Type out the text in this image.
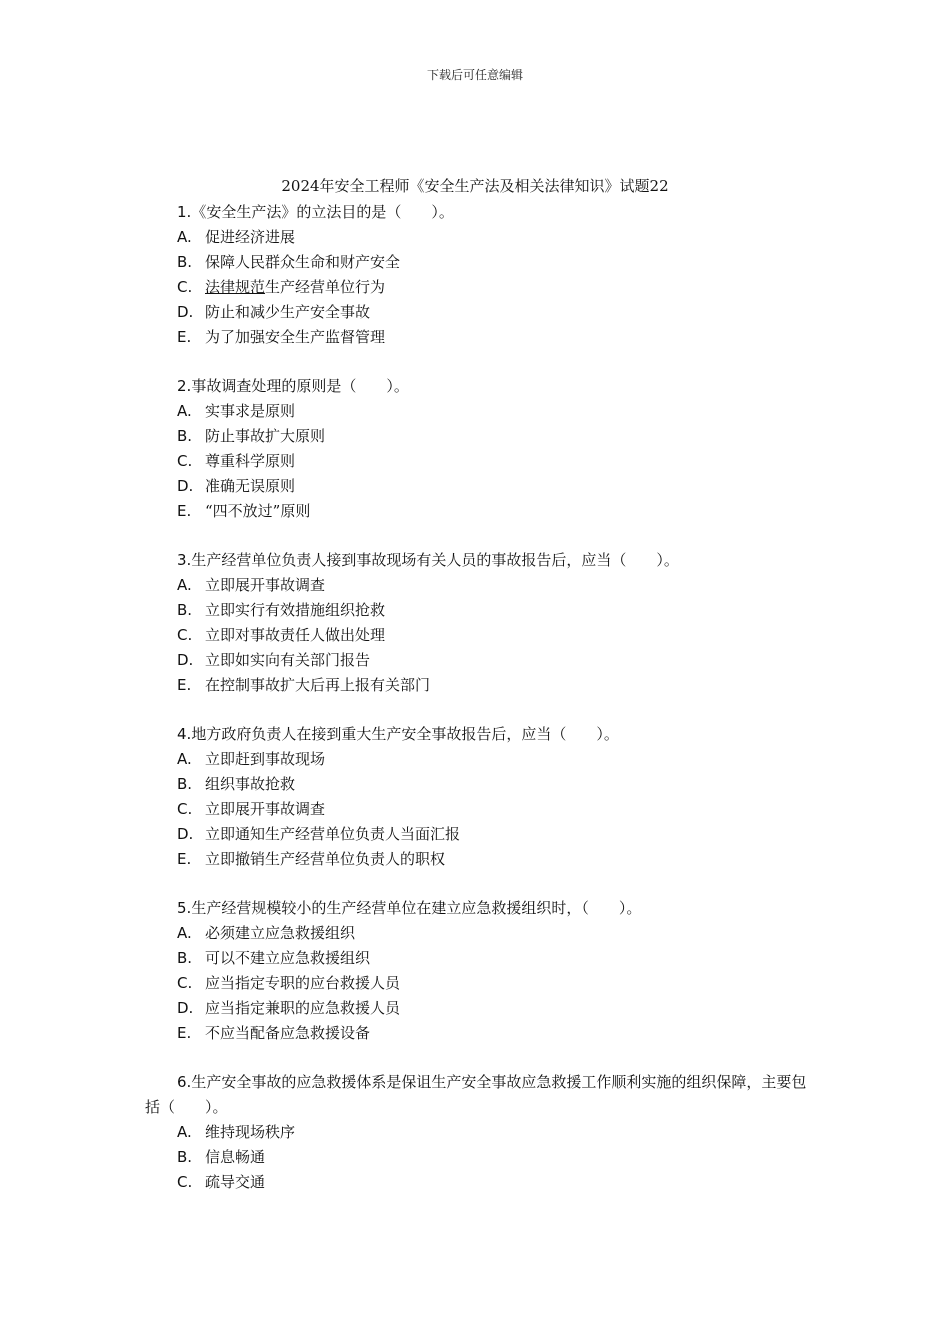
下载后可任意编辑
2024年安全工程师《安全生产法及相关法律知识》试题22

1.《安全生产法》的立法目的是（　　）。

A. 促进经济进展

B. 保障人民群众生命和财产安全

C. 法律规范生产经营单位行为

D. 防止和减少生产安全事故

E. 为了加强安全生产监督管理

2.事故调查处理的原则是（　　）。

A. 实事求是原则

B. 防止事故扩大原则

C. 尊重科学原则

D. 准确无误原则

E. “四不放过”原则

3.生产经营单位负责人接到事故现场有关人员的事故报告后，应当（　　）。

A. 立即展开事故调查

B. 立即实行有效措施组织抢救

C. 立即对事故责任人做出处理

D. 立即如实向有关部门报告

E. 在控制事故扩大后再上报有关部门

4.地方政府负责人在接到重大生产安全事故报告后，应当（　　）。

A. 立即赶到事故现场

B. 组织事故抢救

C. 立即展开事故调查

D. 立即通知生产经营单位负责人当面汇报

E. 立即撤销生产经营单位负责人的职权

5.生产经营规模较小的生产经营单位在建立应急救援组织时，（　　）。

A. 必须建立应急救援组织

B. 可以不建立应急救援组织

C. 应当指定专职的应台救援人员

D. 应当指定兼职的应急救援人员

E. 不应当配备应急救援设备

6.生产安全事故的应急救援体系是保诅生产安全事故应急救援工作顺利实施的组织保障，主要包括（　　）。

A. 维持现场秩序

B. 信息畅通

C. 疏导交通
